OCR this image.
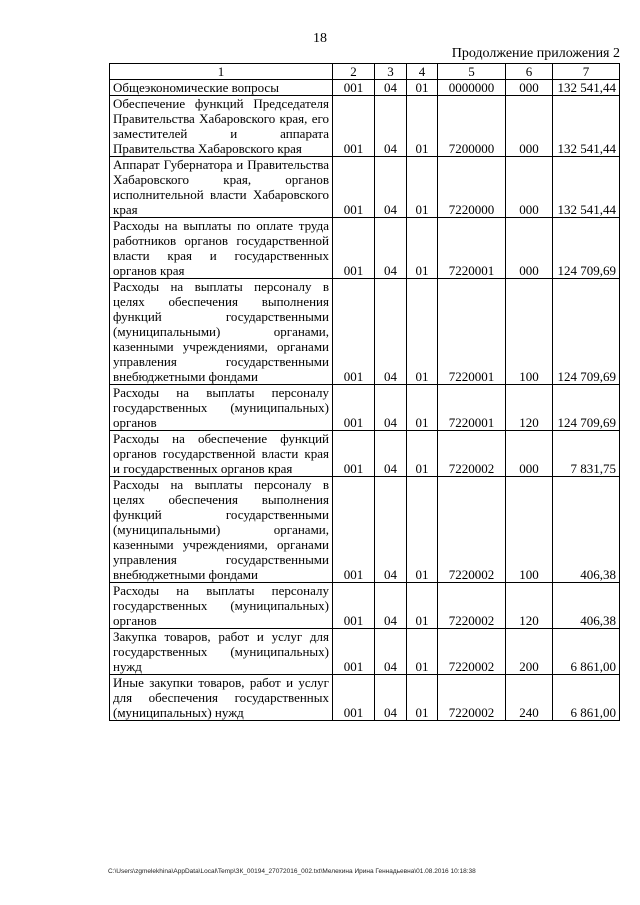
18
Продолжение приложения 2
1	2	3	4	5	6	7
Общеэкономические вопросы	001	04	01	0000000	000	132 541,44
Обеспечение функций Председателя Правительства Хабаровского края, его заместителей и аппарата Правительства Хабаровского края	001	04	01	7200000	000	132 541,44
Аппарат Губернатора и Правительства Хабаровского края, органов исполнительной власти Хабаровского края	001	04	01	7220000	000	132 541,44
Расходы на выплаты по оплате труда работников органов государственной власти края и государственных органов края	001	04	01	7220001	000	124 709,69
Расходы на выплаты персоналу в целях обеспечения выполнения функций государственными (муниципальными) органами, казенными учреждениями, органами управления государственными внебюджетными фондами	001	04	01	7220001	100	124 709,69
Расходы на выплаты персоналу государственных (муниципальных) органов	001	04	01	7220001	120	124 709,69
Расходы на обеспечение функций органов государственной власти края и государственных органов края	001	04	01	7220002	000	7 831,75
Расходы на выплаты персоналу в целях обеспечения выполнения функций государственными (муниципальными) органами, казенными учреждениями, органами управления государственными внебюджетными фондами	001	04	01	7220002	100	406,38
Расходы на выплаты персоналу государственных (муниципальных) органов	001	04	01	7220002	120	406,38
Закупка товаров, работ и услуг для государственных (муниципальных) нужд	001	04	01	7220002	200	6 861,00
Иные закупки товаров, работ и услуг для обеспечения государственных (муниципальных) нужд	001	04	01	7220002	240	6 861,00
C:\Users\zgmelekhina\AppData\Local\Temp\ЗК_00194_27072016_002.txt\Мелехина Ирина Геннадьевна\01.08.2016 10:18:38
